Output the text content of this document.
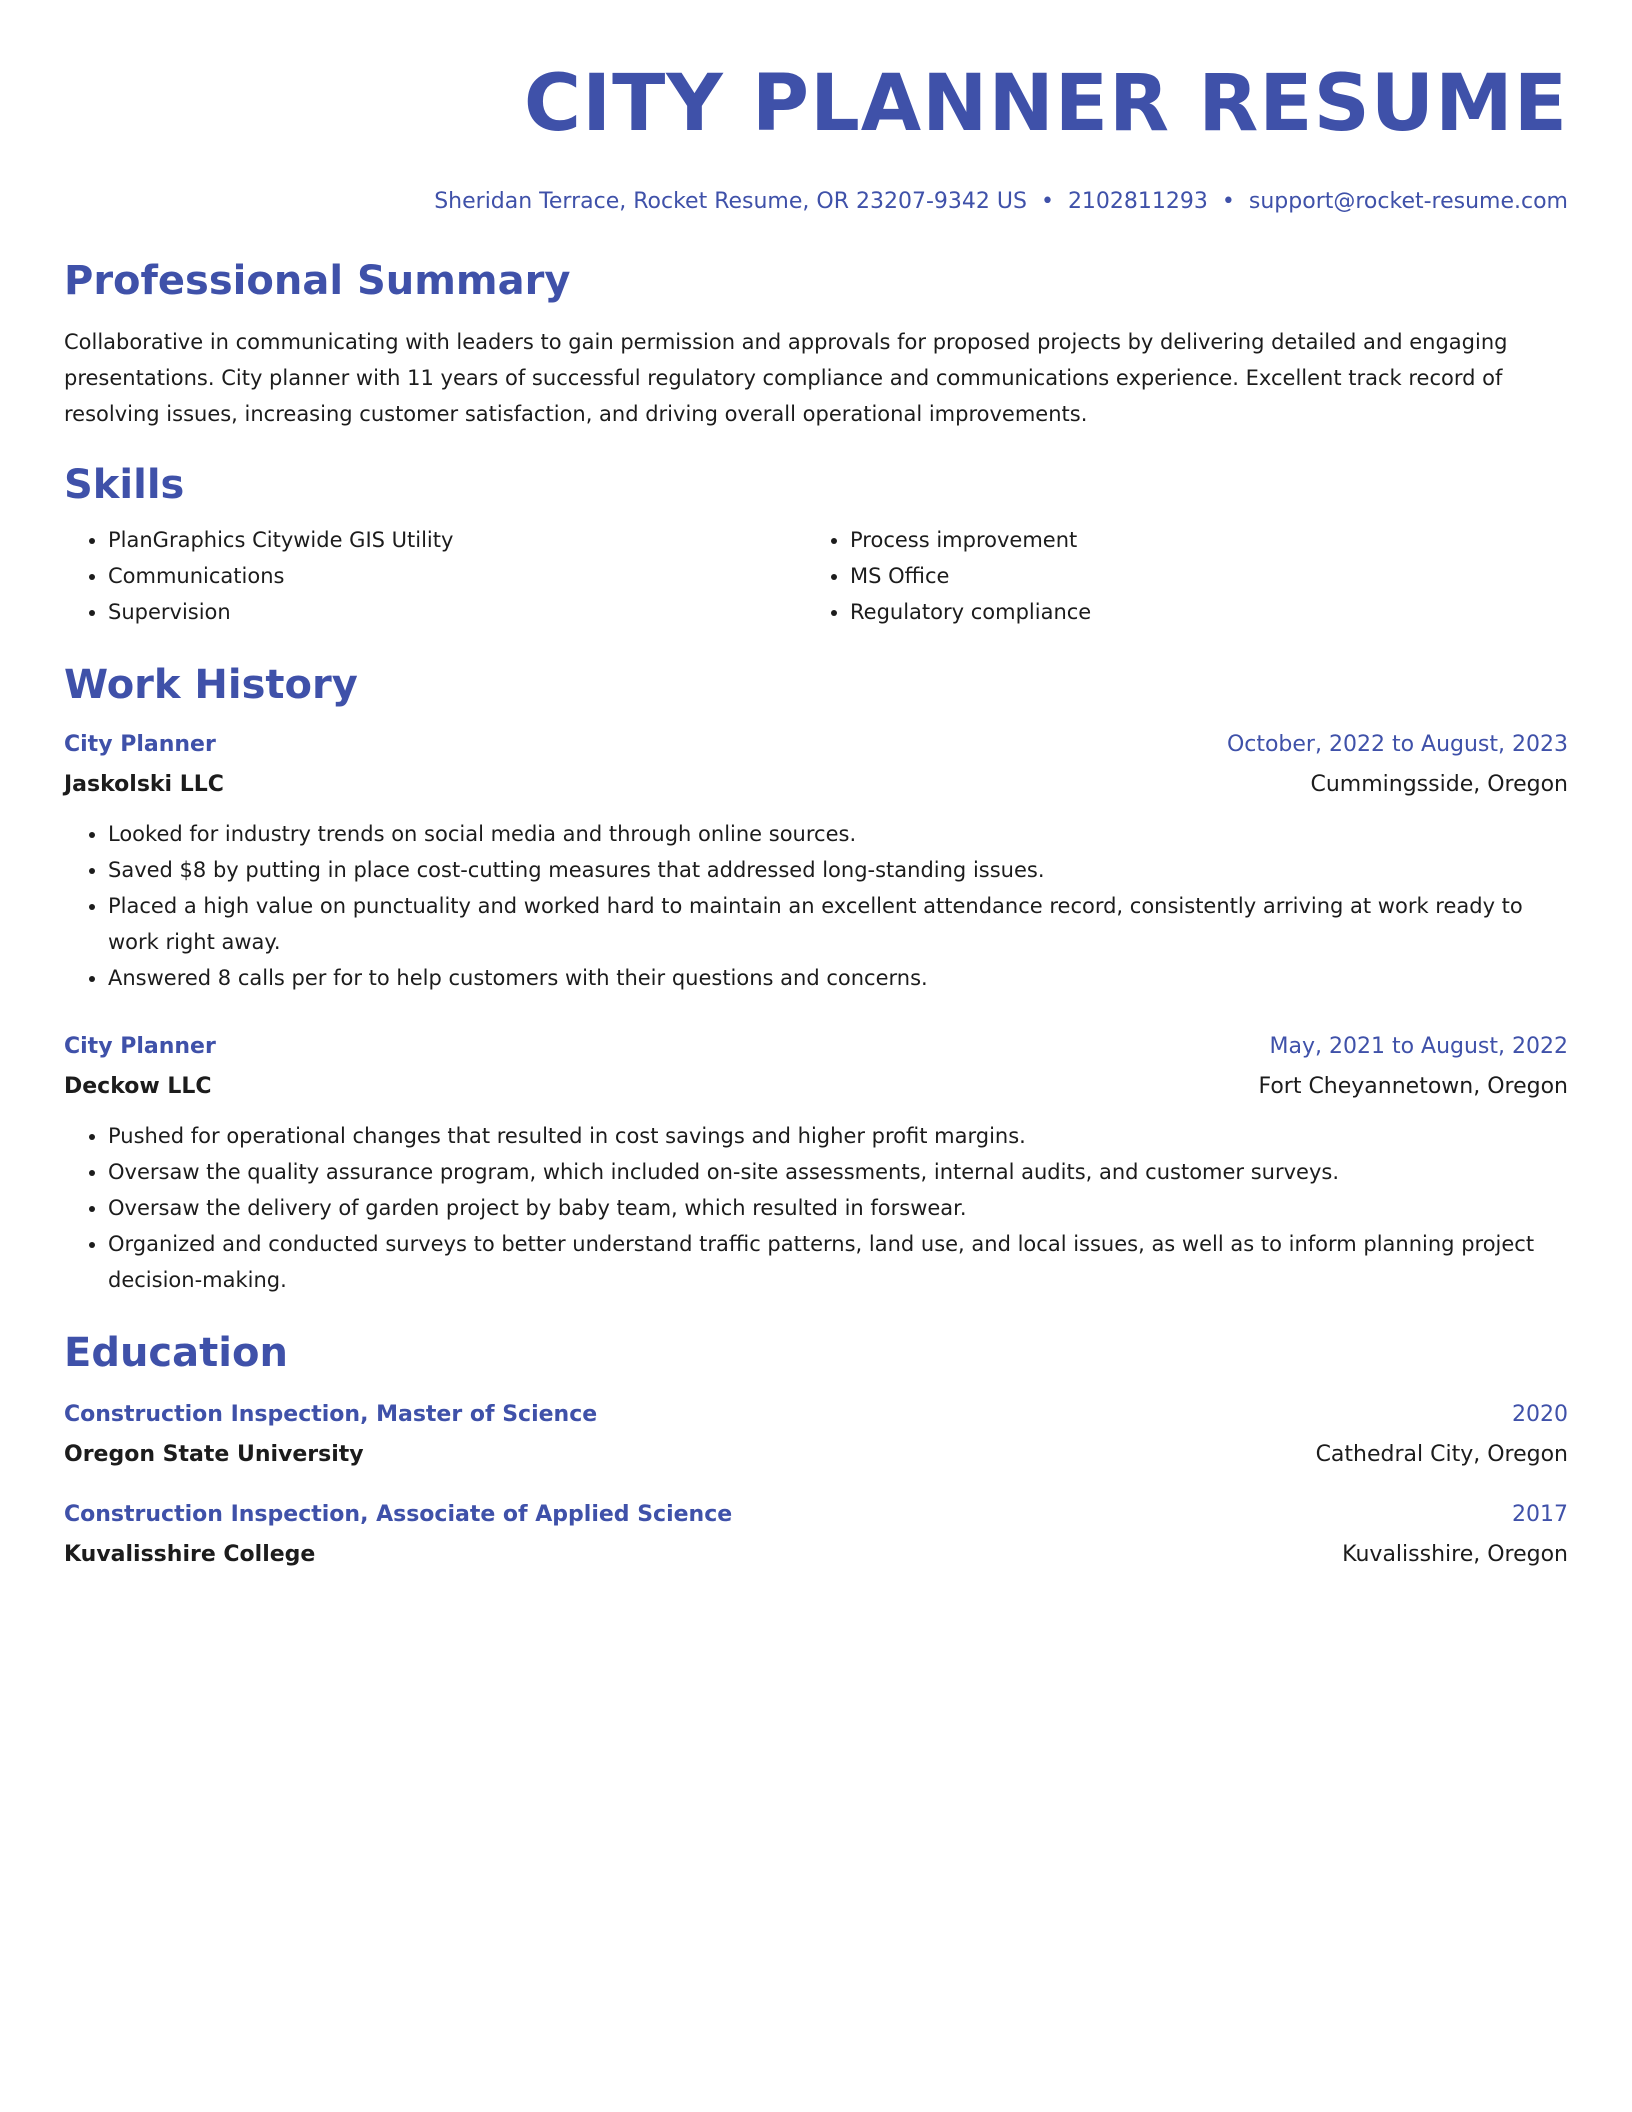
CITY PLANNER RESUME
Sheridan Terrace, Rocket Resume, OR 23207-9342 US • 2102811293 • support@rocket-resume.com
Professional Summary
Collaborative in communicating with leaders to gain permission and approvals for proposed projects by delivering detailed and engaging presentations. City planner with 11 years of successful regulatory compliance and communications experience. Excellent track record of resolving issues, increasing customer satisfaction, and driving overall operational improvements.
Skills
• PlanGraphics Citywide GIS Utility
• Communications
• Supervision
• Process improvement
• MS Office
• Regulatory compliance
Work History
City Planner	October, 2022 to August, 2023
Jaskolski LLC	Cummingsside, Oregon
• Looked for industry trends on social media and through online sources.
• Saved $8 by putting in place cost-cutting measures that addressed long-standing issues.
• Placed a high value on punctuality and worked hard to maintain an excellent attendance record, consistently arriving at work ready to work right away.
• Answered 8 calls per for to help customers with their questions and concerns.
City Planner	May, 2021 to August, 2022
Deckow LLC	Fort Cheyannetown, Oregon
• Pushed for operational changes that resulted in cost savings and higher profit margins.
• Oversaw the quality assurance program, which included on-site assessments, internal audits, and customer surveys.
• Oversaw the delivery of garden project by baby team, which resulted in forswear.
• Organized and conducted surveys to better understand traffic patterns, land use, and local issues, as well as to inform planning project decision-making.
Education
Construction Inspection, Master of Science	2020
Oregon State University	Cathedral City, Oregon
Construction Inspection, Associate of Applied Science	2017
Kuvalisshire College	Kuvalisshire, Oregon
